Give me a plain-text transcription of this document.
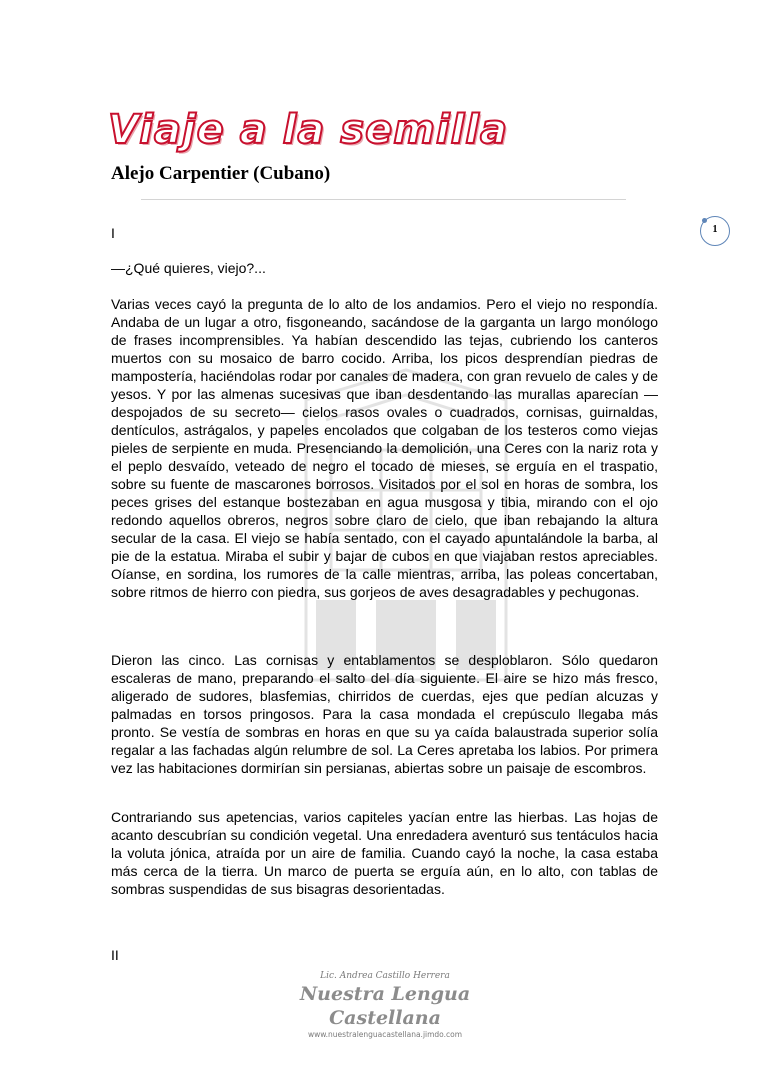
Viaje a la semilla
Alejo Carpentier (Cubano)
1

I

—¿Qué quieres, viejo?...

Varias veces cayó la pregunta de lo alto de los andamios. Pero el viejo no respondía. Andaba de un lugar a otro, fisgoneando, sacándose de la garganta un largo monólogo de frases incomprensibles. Ya habían descendido las tejas, cubriendo los canteros muertos con su mosaico de barro cocido. Arriba, los picos desprendían piedras de mampostería, haciéndolas rodar por canales de madera, con gran revuelo de cales y de yesos. Y por las almenas sucesivas que iban desdentando las murallas aparecían —despojados de su secreto— cielos rasos ovales o cuadrados, cornisas, guirnaldas, dentículos, astrágalos, y papeles encolados que colgaban de los testeros como viejas pieles de serpiente en muda. Presenciando la demolición, una Ceres con la nariz rota y el peplo desvaído, veteado de negro el tocado de mieses, se erguía en el traspatio, sobre su fuente de mascarones borrosos. Visitados por el sol en horas de sombra, los peces grises del estanque bostezaban en agua musgosa y tibia, mirando con el ojo redondo aquellos obreros, negros sobre claro de cielo, que iban rebajando la altura secular de la casa. El viejo se había sentado, con el cayado apuntalándole la barba, al pie de la estatua. Miraba el subir y bajar de cubos en que viajaban restos apreciables. Oíanse, en sordina, los rumores de la calle mientras, arriba, las poleas concertaban, sobre ritmos de hierro con piedra, sus gorjeos de aves desagradables y pechugonas.

Dieron las cinco. Las cornisas y entablamentos se desploblaron. Sólo quedaron escaleras de mano, preparando el salto del día siguiente. El aire se hizo más fresco, aligerado de sudores, blasfemias, chirridos de cuerdas, ejes que pedían alcuzas y palmadas en torsos pringosos. Para la casa mondada el crepúsculo llegaba más pronto. Se vestía de sombras en horas en que su ya caída balaustrada superior solía regalar a las fachadas algún relumbre de sol. La Ceres apretaba los labios. Por primera vez las habitaciones dormirían sin persianas, abiertas sobre un paisaje de escombros.

Contrariando sus apetencias, varios capiteles yacían entre las hierbas. Las hojas de acanto descubrían su condición vegetal. Una enredadera aventuró sus tentáculos hacia la voluta jónica, atraída por un aire de familia. Cuando cayó la noche, la casa estaba más cerca de la tierra. Un marco de puerta se erguía aún, en lo alto, con tablas de sombras suspendidas de sus bisagras desorientadas.

II

Lic. Andrea Castillo Herrera
Nuestra Lengua Castellana
www.nuestralenguacastellana.jimdo.com
